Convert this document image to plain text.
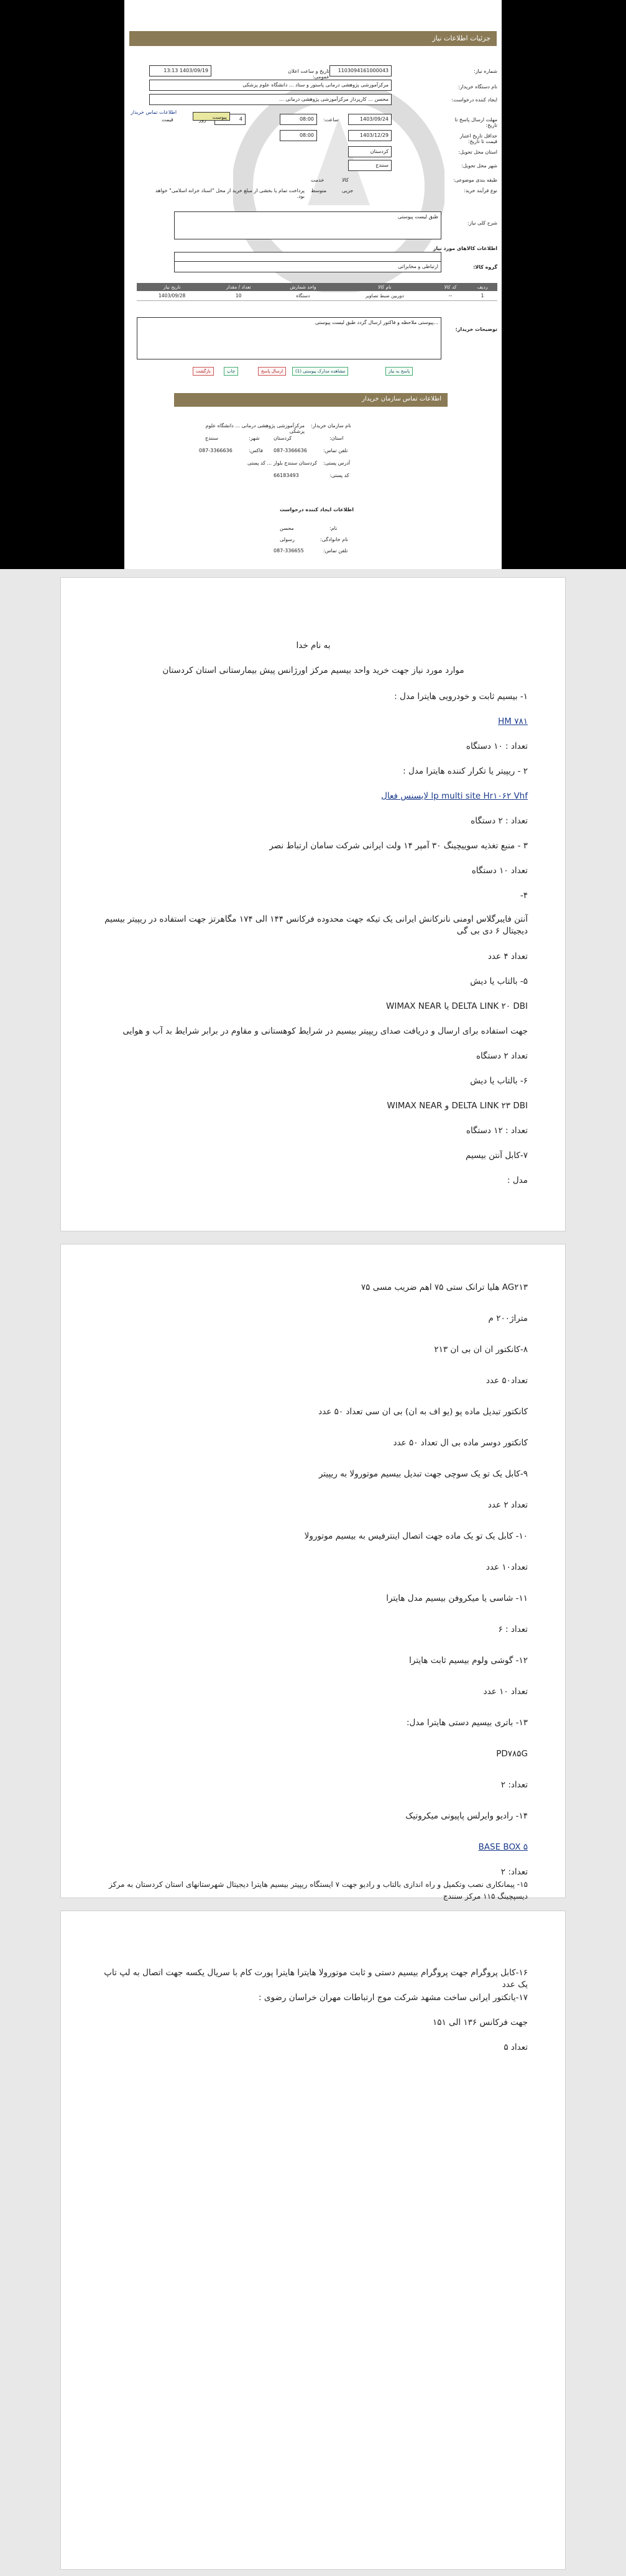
جزئیات اطلاعات نیاز
شماره نیاز:
1103094161000043
تاریخ و ساعت اعلان عمومی:
1403/09/19 13:13
نام دستگاه خریدار:
مرکزآموزشی پژوهشی درمانی پاستور و ستاد ... دانشگاه علوم پزشکی
ایجاد کننده درخواست:
محسن ... کارپرداز مرکزآموزشی پژوهشی درمانی ...
اطلاعات تماس خریدار
مهلت ارسال پاسخ تا تاریخ:
1403/09/24
ساعت:
08:00
4
قیمت	پیوست
حداقل تاریخ اعتبار قیمت تا تاریخ:
1403/12/29
08:00
استان محل تحویل:
کردستان
شهر محل تحویل:
سنندج
طبقه بندی موضوعی:
کالا
خدمت
نوع فرآیند خرید:
جزیی
متوسط
پرداخت تمام یا بخشی از مبلغ خرید از محل "اسناد خزانه اسلامی" خواهد بود.
شرح کلی نیاز:
طبق لیست پیوستی
اطلاعات کالاهای مورد نیاز
گروه کالا:
ارتباطی و مخابراتی
ردیف	کد کالا	نام کالا	واحد شمارش	تعداد / مقدار	تاریخ نیاز
1	--	دوربین ضبط تصاویر	دستگاه	10	1403/09/28
توضیحات خریدار:
...پیوستی ملاحظه و فاکتور ارسال گردد طبق لیست پیوستی
بازگشت	چاپ	ارسال پاسخ	مشاهده مدارک پیوستی (1)	پاسخ به نیاز
اطلاعات تماس سازمان خریدار
نام سازمان خریدار:
مرکزآموزشی پژوهشی درمانی ... دانشگاه علوم پزشکی
استان:
کردستان
شهر:
سنندج
تلفن تماس:
087-3366636
فاکس:
087-3366636
آدرس پستی:
کردستان سنندج بلوار ... کد پستی
کد پستی:
66183493
اطلاعات ایجاد کننده درخواست
نام:
محسن
نام خانوادگی:
رسولی
تلفن تماس:
087-336655
به نام خدا
موارد مورد نیاز جهت خرید واحد بیسیم مرکز اورژانس پیش بیمارستانی استان کردستان
۱- بیسیم ثابت و خودرویی هایترا مدل :
HM ۷۸۱
تعداد : ۱۰ دستگاه
۲ - ریپیتر یا تکرار کننده هایترا مدل :
lp multi site Hr۱۰۶۲ Vhf لایسنس فعال
تعداد : ۲ دستگاه
۳ - منبع تغذیه سوییچینگ ۳۰ آمپر ۱۴ ولت ایرانی شرکت سامان ارتباط نصر
تعداد ۱۰ دستگاه
۴-
آنتن فایبرگلاس اومنی نانرکانش ایرانی یک تیکه جهت محدوده فرکانس ۱۴۴ الی ۱۷۴ مگاهرتز جهت استفاده در ریپیتر بیسیم دیجیتال ۶ دی بی گی
تعداد ۴ عدد
۵- بالتاب یا دیش
DELTA LINK ۲۰ DBI یا WIMAX NEAR
جهت استفاده برای ارسال و دریافت صدای ریپیتر بیسیم در شرایط کوهستانی و مقاوم در برابر شرایط بد آب و هوایی
تعداد ۲ دستگاه
۶- بالتاب یا دیش
DELTA LINK ۲۳ DBI و WIMAX NEAR
تعداد : ۱۲ دستگاه
۷-کابل آنتن بیسیم
مدل :
AG۲۱۳ هلیا ترانک ستی ۷۵ اهم ضریب مسی ۷۵
متراژ۲۰۰ م
۸-کانکتور ان ان بی ان ۲۱۳
تعداد۵۰ عدد
کانکتور تبدیل ماده پو (یو اف به ان) بی ان سی تعداد ۵۰ عدد
کانکتور دوسر ماده بی ال تعداد ۵۰ عدد
۹-کابل یک تو یک سوچی جهت تبدیل بیسیم موتورولا به ریپیتر
تعداد ۲ عدد
۱۰- کابل یک تو یک ماده جهت اتصال اینترفیس به بیسیم موتورولا
تعداد۱۰ عدد
۱۱- شاسی یا میکروفن بیسیم مدل هایترا
تعداد : ۶
۱۲- گوشی ولوم بیسیم ثابت هایترا
تعداد ۱۰ عدد
۱۳- باتری بیسیم دستی هایترا مدل:
PD۷۸۵G
تعداد: ۲
۱۴- رادیو وایرلس پاپیونی میکروتیک
BASE BOX ۵
تعداد: ۲
۱۵- پیمانکاری نصب وتکمیل و راه اندازی بالتاب و رادیو جهت ۷ ایستگاه ریپیتر بیسیم هایترا دیجیتال شهرستانهای استان کردستان به مرکز دیسپچینگ ۱۱۵ مرکز سنندج
۱۶-کابل پروگرام جهت پروگرام بیسیم دستی و ثابت موتورولا هایترا هایترا پورت کام با سریال یکسه جهت اتصال به لپ تاپ یک عدد
۱۷-یاتکتور ایرانی ساخت مشهد شرکت موج ارتباطات مهران خراسان رضوی :
جهت فرکانس ۱۳۶ الی ۱۵۱
تعداد ۵
